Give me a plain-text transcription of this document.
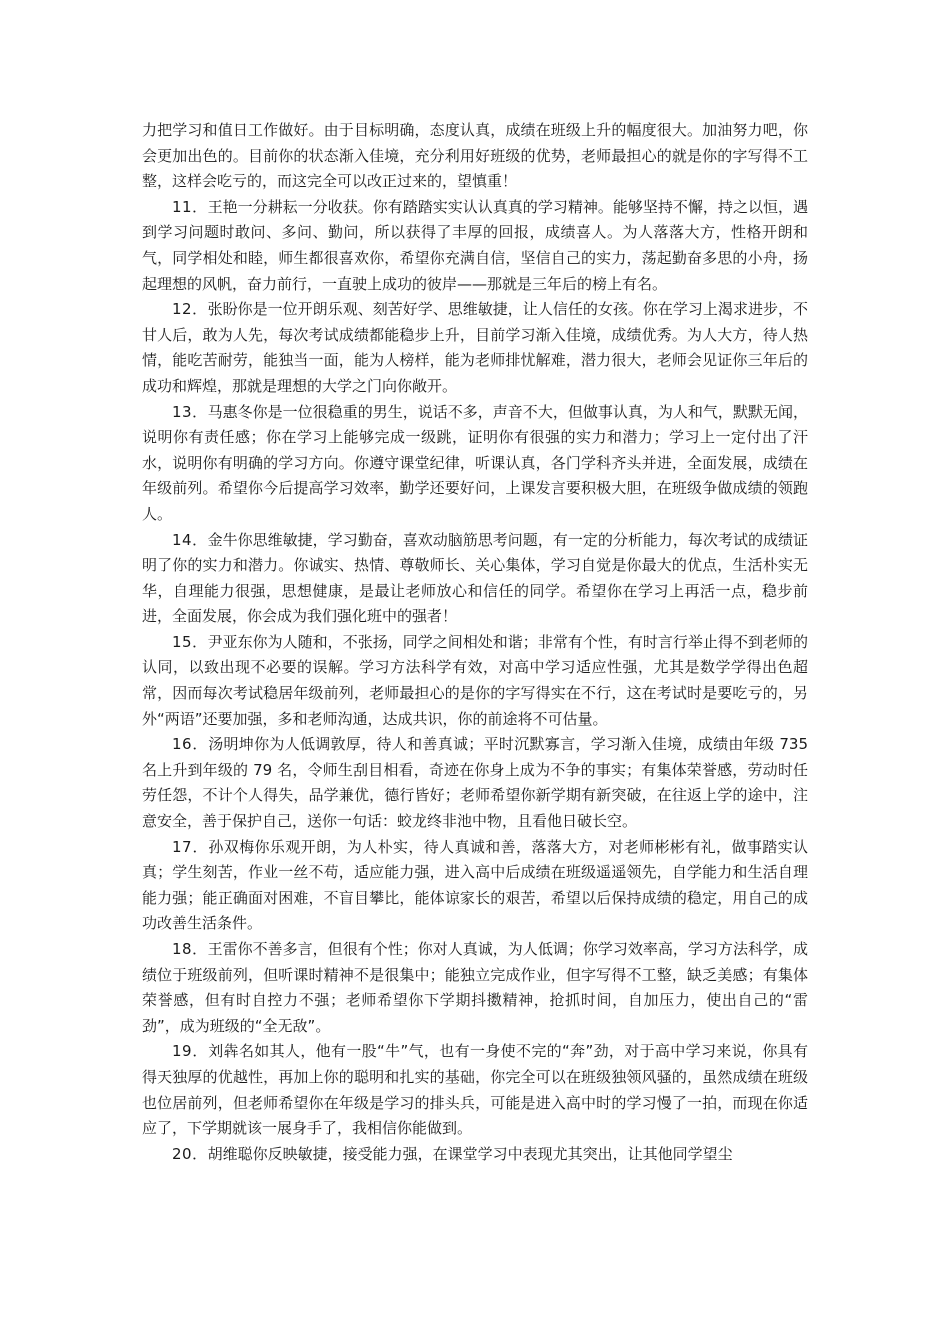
力把学习和值日工作做好。由于目标明确，态度认真，成绩在班级上升的幅度很大。加油努力吧，你会更加出色的。目前你的状态渐入佳境，充分利用好班级的优势，老师最担心的就是你的字写得不工整，这样会吃亏的，而这完全可以改正过来的，望慎重！

11．王艳一分耕耘一分收获。你有踏踏实实认认真真的学习精神。能够坚持不懈，持之以恒，遇到学习问题时敢问、多问、勤问，所以获得了丰厚的回报，成绩喜人。为人落落大方，性格开朗和气，同学相处和睦，师生都很喜欢你，希望你充满自信，坚信自己的实力，荡起勤奋多思的小舟，扬起理想的风帆，奋力前行，一直驶上成功的彼岸——那就是三年后的榜上有名。

12．张盼你是一位开朗乐观、刻苦好学、思维敏捷，让人信任的女孩。你在学习上渴求进步，不甘人后，敢为人先，每次考试成绩都能稳步上升，目前学习渐入佳境，成绩优秀。为人大方，待人热情，能吃苦耐劳，能独当一面，能为人榜样，能为老师排忧解难，潜力很大，老师会见证你三年后的成功和辉煌，那就是理想的大学之门向你敞开。

13．马惠冬你是一位很稳重的男生，说话不多，声音不大，但做事认真，为人和气，默默无闻，说明你有责任感；你在学习上能够完成一级跳，证明你有很强的实力和潜力；学习上一定付出了汗水，说明你有明确的学习方向。你遵守课堂纪律，听课认真，各门学科齐头并进，全面发展，成绩在年级前列。希望你今后提高学习效率，勤学还要好问，上课发言要积极大胆，在班级争做成绩的领跑人。

14．金牛你思维敏捷，学习勤奋，喜欢动脑筋思考问题，有一定的分析能力，每次考试的成绩证明了你的实力和潜力。你诚实、热情、尊敬师长、关心集体，学习自觉是你最大的优点，生活朴实无华，自理能力很强，思想健康，是最让老师放心和信任的同学。希望你在学习上再活一点，稳步前进，全面发展，你会成为我们强化班中的强者！

15．尹亚东你为人随和，不张扬，同学之间相处和谐；非常有个性，有时言行举止得不到老师的认同，以致出现不必要的误解。学习方法科学有效，对高中学习适应性强，尤其是数学学得出色超常，因而每次考试稳居年级前列，老师最担心的是你的字写得实在不行，这在考试时是要吃亏的，另外“两语”还要加强，多和老师沟通，达成共识，你的前途将不可估量。

16．汤明坤你为人低调敦厚，待人和善真诚；平时沉默寡言，学习渐入佳境，成绩由年级 735 名上升到年级的 79 名，令师生刮目相看，奇迹在你身上成为不争的事实；有集体荣誉感，劳动时任劳任怨，不计个人得失，品学兼优，德行皆好；老师希望你新学期有新突破，在往返上学的途中，注意安全，善于保护自己，送你一句话：蛟龙终非池中物，且看他日破长空。

17．孙双梅你乐观开朗，为人朴实，待人真诚和善，落落大方，对老师彬彬有礼，做事踏实认真；学生刻苦，作业一丝不苟，适应能力强，进入高中后成绩在班级遥遥领先，自学能力和生活自理能力强；能正确面对困难，不盲目攀比，能体谅家长的艰苦，希望以后保持成绩的稳定，用自己的成功改善生活条件。

18．王雷你不善多言，但很有个性；你对人真诚，为人低调；你学习效率高，学习方法科学，成绩位于班级前列，但听课时精神不是很集中；能独立完成作业，但字写得不工整，缺乏美感；有集体荣誉感，但有时自控力不强；老师希望你下学期抖擞精神，抢抓时间，自加压力，使出自己的“雷劲”，成为班级的“全无敌”。

19．刘犇名如其人，他有一股“牛”气，也有一身使不完的“奔”劲，对于高中学习来说，你具有得天独厚的优越性，再加上你的聪明和扎实的基础，你完全可以在班级独领风骚的，虽然成绩在班级也位居前列，但老师希望你在年级是学习的排头兵，可能是进入高中时的学习慢了一拍，而现在你适应了，下学期就该一展身手了，我相信你能做到。

20．胡维聪你反映敏捷，接受能力强，在课堂学习中表现尤其突出，让其他同学望尘
